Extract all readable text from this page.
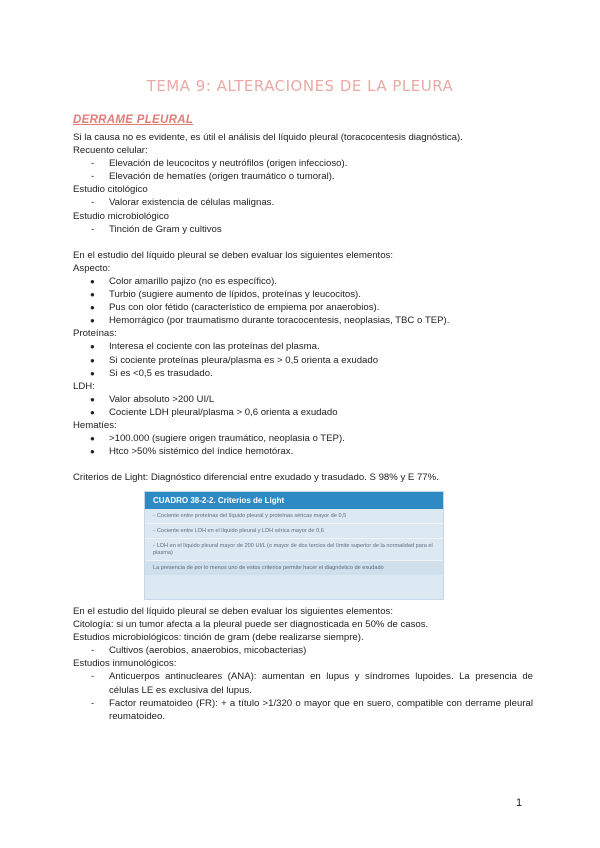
TEMA 9: ALTERACIONES DE LA PLEURA
DERRAME PLEURAL
Si la causa no es evidente, es útil el análisis del líquido pleural (toracocentesis diagnóstica).
Recuento celular:
- Elevación de leucocitos y neutrófilos (origen infeccioso).
- Elevación de hematíes (origen traumático o tumoral).
Estudio citológico
- Valorar existencia de células malignas.
Estudio microbiológico
- Tinción de Gram y cultivos
En el estudio del líquido pleural se deben evaluar los siguientes elementos:
Aspecto:
● Color amarillo pajizo (no es específico).
● Turbio (sugiere aumento de lípidos, proteínas y leucocitos).
● Pus con olor fétido (característico de empiema por anaerobios).
● Hemorrágico (por traumatismo durante toracocentesis, neoplasias, TBC o TEP).
Proteínas:
● Interesa el cociente con las proteínas del plasma.
● Si cociente proteínas pleura/plasma es > 0,5 orienta a exudado
● Si es <0,5 es trasudado.
LDH:
● Valor absoluto >200 UI/L
● Cociente LDH pleural/plasma > 0,6 orienta a exudado
Hematíes:
● >100.000 (sugiere origen traumático, neoplasia o TEP).
● Htco >50% sistémico del índice hemotórax.
Criterios de Light: Diagnóstico diferencial entre exudado y trasudado. S 98% y E 77%.
CUADRO 38-2-2. Criterios de Light
- Cociente entre proteínas del líquido pleural y proteínas séricas mayor de 0,5
- Cociente entre LDH en el líquido pleural y LDH sérica mayor de 0,6
- LDH en el líquido pleural mayor de 200 UI/L (o mayor de dos tercios del límite superior de la normalidad para el plasma)
La presencia de por lo menos uno de estos criterios permite hacer el diagnóstico de exudado
En el estudio del líquido pleural se deben evaluar los siguientes elementos:
Citología: si un tumor afecta a la pleural puede ser diagnosticada en 50% de casos.
Estudios microbiológicos: tinción de gram (debe realizarse siempre).
- Cultivos (aerobios, anaerobios, micobacterias)
Estudios inmunológicos:
- Anticuerpos antinucleares (ANA): aumentan en lupus y síndromes lupoides. La presencia de células LE es exclusiva del lupus.
- Factor reumatoideo (FR): + a título >1/320 o mayor que en suero, compatible con derrame pleural reumatoideo.
1
